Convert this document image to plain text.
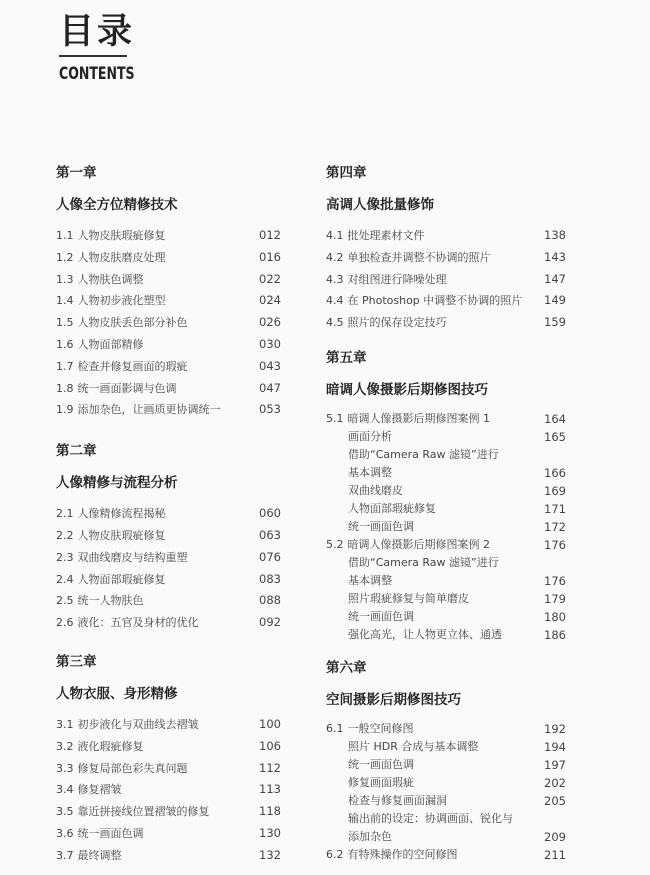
目录
CONTENTS
第一章
人像全方位精修技术
1.1 人物皮肤瑕疵修复	012
1.2 人物皮肤磨皮处理	016
1.3 人物肤色调整	022
1.4 人物初步液化塑型	024
1.5 人物皮肤丢色部分补色	026
1.6 人物面部精修	030
1.7 检查并修复画面的瑕疵	043
1.8 统一画面影调与色调	047
1.9 添加杂色，让画质更协调统一	053
第二章
人像精修与流程分析
2.1 人像精修流程揭秘	060
2.2 人物皮肤瑕疵修复	063
2.3 双曲线磨皮与结构重塑	076
2.4 人物面部瑕疵修复	083
2.5 统一人物肤色	088
2.6 液化：五官及身材的优化	092
第三章
人物衣服、身形精修
3.1 初步液化与双曲线去褶皱	100
3.2 液化瑕疵修复	106
3.3 修复局部色彩失真问题	112
3.4 修复褶皱	113
3.5 靠近拼接线位置褶皱的修复	118
3.6 统一画面色调	130
3.7 最终调整	132
第四章
高调人像批量修饰
4.1 批处理素材文件	138
4.2 单独检查并调整不协调的照片	143
4.3 对组图进行降噪处理	147
4.4 在 Photoshop 中调整不协调的照片 149
4.5 照片的保存设定技巧	159
第五章
暗调人像摄影后期修图技巧
5.1 暗调人像摄影后期修图案例 1	164
画面分析	165
借助“Camera Raw 滤镜”进行
基本调整	166
双曲线磨皮	169
人物面部瑕疵修复	171
统一画面色调	172
5.2 暗调人像摄影后期修图案例 2	176
借助“Camera Raw 滤镜”进行
基本调整	176
照片瑕疵修复与简单磨皮	179
统一画面色调	180
强化高光，让人物更立体、通透	186
第六章
空间摄影后期修图技巧
6.1 一般空间修图	192
照片 HDR 合成与基本调整	194
统一画面色调	197
修复画面瑕疵	202
检查与修复画面漏洞	205
输出前的设定：协调画面、锐化与
添加杂色	209
6.2 有特殊操作的空间修图	211
